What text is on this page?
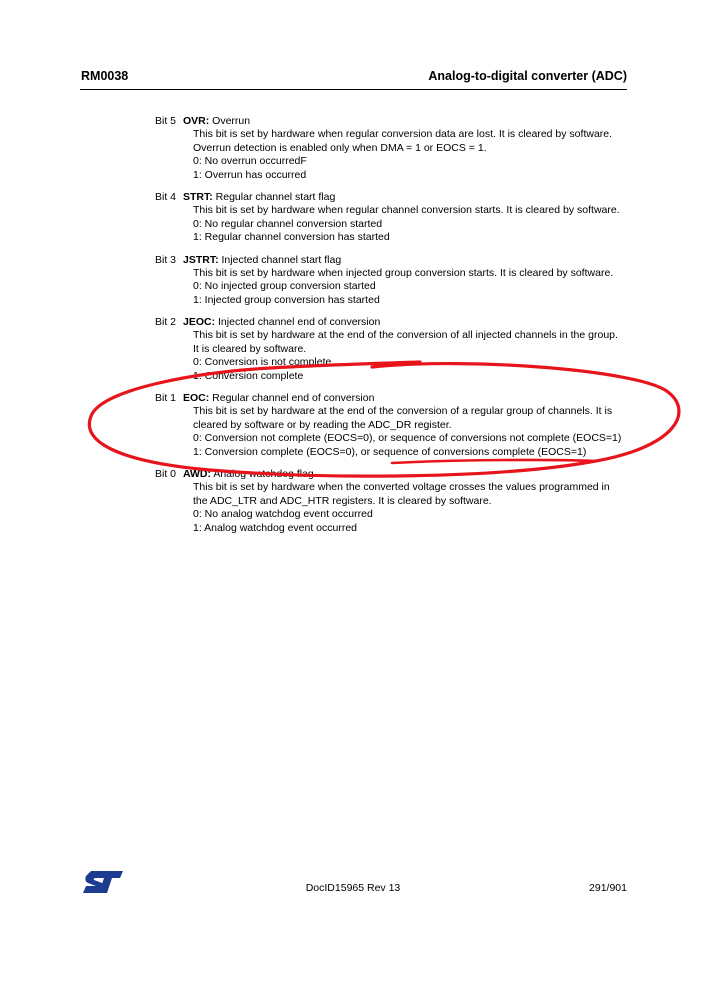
RM0038	Analog-to-digital converter (ADC)
Bit 5 OVR: Overrun
This bit is set by hardware when regular conversion data are lost. It is cleared by software.
Overrun detection is enabled only when DMA = 1 or EOCS = 1.
0: No overrun occurredF
1: Overrun has occurred
Bit 4 STRT: Regular channel start flag
This bit is set by hardware when regular channel conversion starts. It is cleared by software.
0: No regular channel conversion started
1: Regular channel conversion has started
Bit 3 JSTRT: Injected channel start flag
This bit is set by hardware when injected group conversion starts. It is cleared by software.
0: No injected group conversion started
1: Injected group conversion has started
Bit 2 JEOC: Injected channel end of conversion
This bit is set by hardware at the end of the conversion of all injected channels in the group.
It is cleared by software.
0: Conversion is not complete
1: Conversion complete
Bit 1 EOC: Regular channel end of conversion
This bit is set by hardware at the end of the conversion of a regular group of channels. It is
cleared by software or by reading the ADC_DR register.
0: Conversion not complete (EOCS=0), or sequence of conversions not complete (EOCS=1)
1: Conversion complete (EOCS=0), or sequence of conversions complete (EOCS=1)
Bit 0 AWD: Analog watchdog flag
This bit is set by hardware when the converted voltage crosses the values programmed in
the ADC_LTR and ADC_HTR registers. It is cleared by software.
0: No analog watchdog event occurred
1: Analog watchdog event occurred
DocID15965 Rev 13	291/901
